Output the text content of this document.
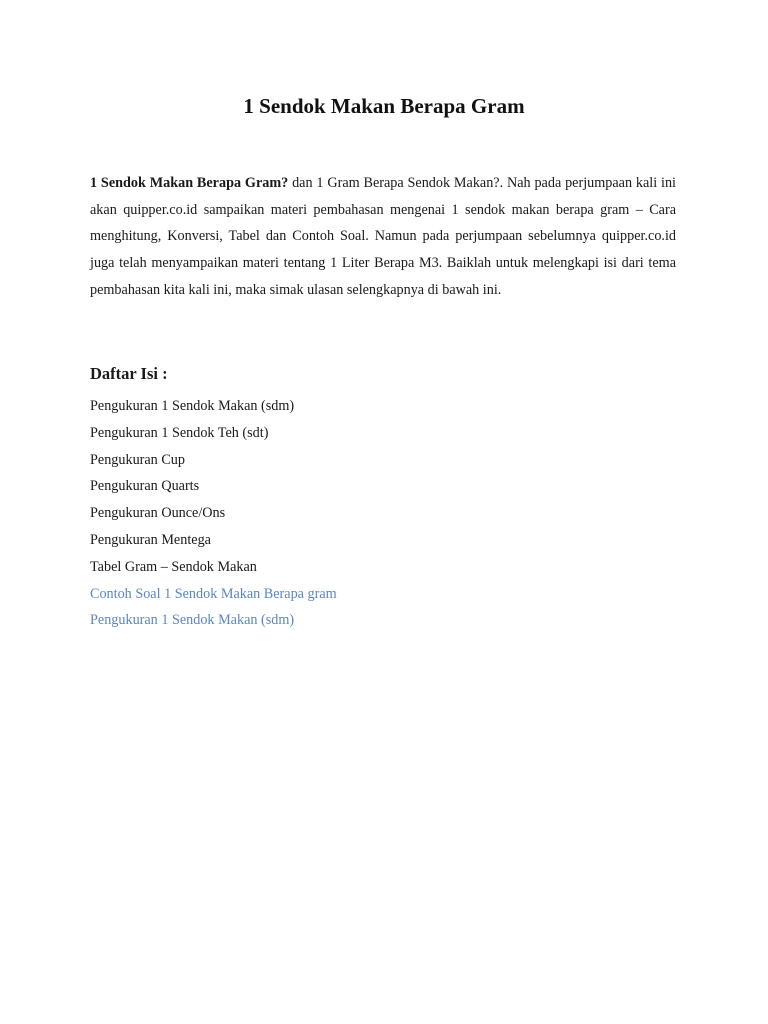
1 Sendok Makan Berapa Gram

1 Sendok Makan Berapa Gram? dan 1 Gram Berapa Sendok Makan?. Nah pada perjumpaan kali ini akan quipper.co.id sampaikan materi pembahasan mengenai 1 sendok makan berapa gram – Cara menghitung, Konversi, Tabel dan Contoh Soal. Namun pada perjumpaan sebelumnya quipper.co.id juga telah menyampaikan materi tentang 1 Liter Berapa M3. Baiklah untuk melengkapi isi dari tema pembahasan kita kali ini, maka simak ulasan selengkapnya di bawah ini.

Daftar Isi :
Pengukuran 1 Sendok Makan (sdm)
Pengukuran 1 Sendok Teh (sdt)
Pengukuran Cup
Pengukuran Quarts
Pengukuran Ounce/Ons
Pengukuran Mentega
Tabel Gram – Sendok Makan
Contoh Soal 1 Sendok Makan Berapa gram
Pengukuran 1 Sendok Makan (sdm)
